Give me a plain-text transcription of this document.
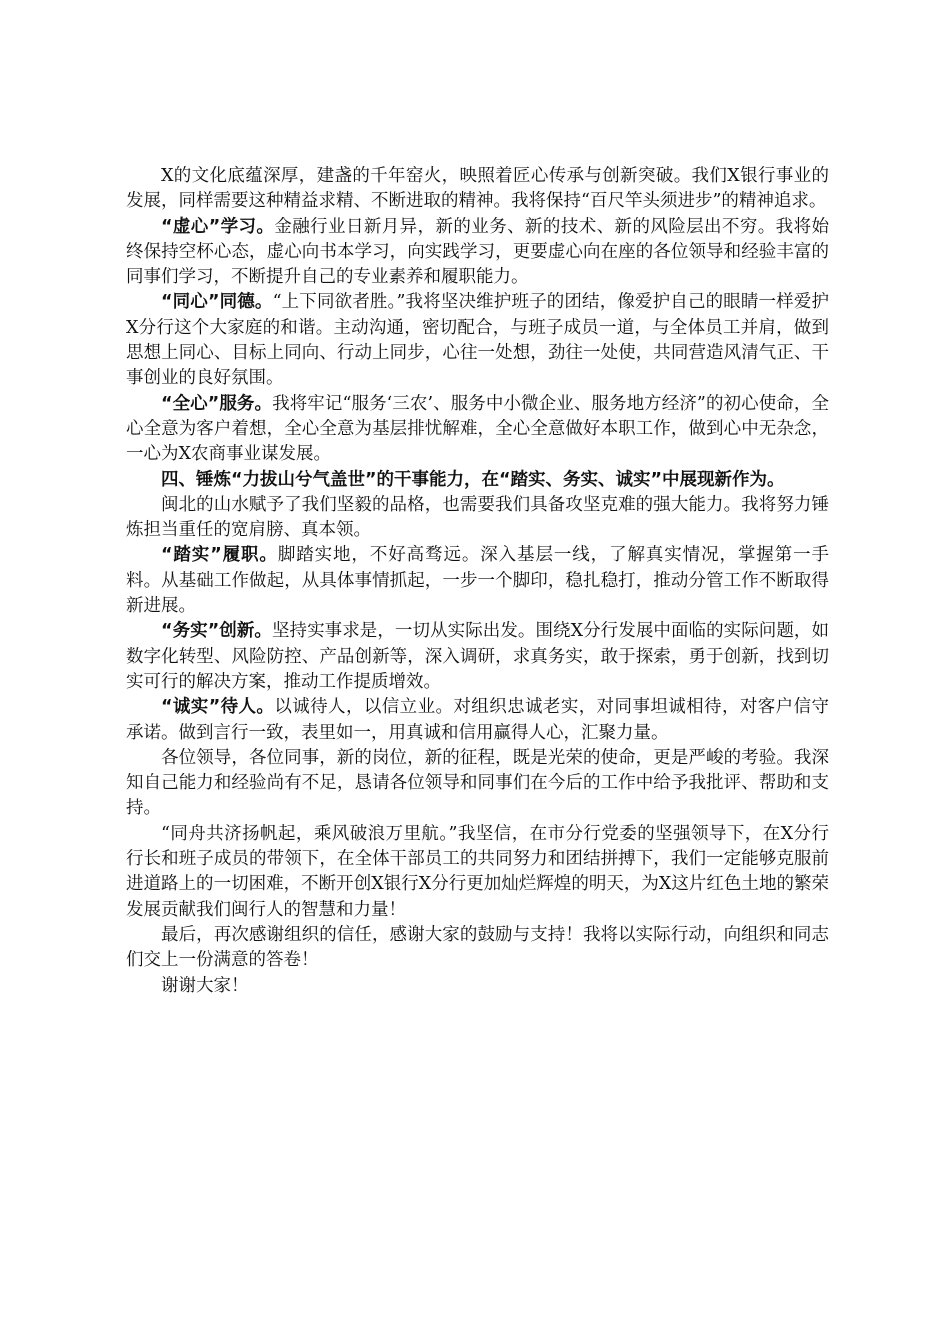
X的文化底蕴深厚，建盏的千年窑火，映照着匠心传承与创新突破。我们X银行事业的发展，同样需要这种精益求精、不断进取的精神。我将保持“百尺竿头须进步”的精神追求。

“虚心”学习。金融行业日新月异，新的业务、新的技术、新的风险层出不穷。我将始终保持空杯心态，虚心向书本学习，向实践学习，更要虚心向在座的各位领导和经验丰富的同事们学习，不断提升自己的专业素养和履职能力。

“同心”同德。“上下同欲者胜。”我将坚决维护班子的团结，像爱护自己的眼睛一样爱护X分行这个大家庭的和谐。主动沟通，密切配合，与班子成员一道，与全体员工并肩，做到思想上同心、目标上同向、行动上同步，心往一处想，劲往一处使，共同营造风清气正、干事创业的良好氛围。

“全心”服务。我将牢记“服务‘三农’、服务中小微企业、服务地方经济”的初心使命，全心全意为客户着想，全心全意为基层排忧解难，全心全意做好本职工作，做到心中无杂念，一心为X农商事业谋发展。

四、锤炼“力拔山兮气盖世”的干事能力，在“踏实、务实、诚实”中展现新作为。

闽北的山水赋予了我们坚毅的品格，也需要我们具备攻坚克难的强大能力。我将努力锤炼担当重任的宽肩膀、真本领。

“踏实”履职。脚踏实地，不好高骛远。深入基层一线，了解真实情况，掌握第一手料。从基础工作做起，从具体事情抓起，一步一个脚印，稳扎稳打，推动分管工作不断取得新进展。

“务实”创新。坚持实事求是，一切从实际出发。围绕X分行发展中面临的实际问题，如数字化转型、风险防控、产品创新等，深入调研，求真务实，敢于探索，勇于创新，找到切实可行的解决方案，推动工作提质增效。

“诚实”待人。以诚待人，以信立业。对组织忠诚老实，对同事坦诚相待，对客户信守承诺。做到言行一致，表里如一，用真诚和信用赢得人心，汇聚力量。

各位领导，各位同事，新的岗位，新的征程，既是光荣的使命，更是严峻的考验。我深知自己能力和经验尚有不足，恳请各位领导和同事们在今后的工作中给予我批评、帮助和支持。

“同舟共济扬帆起，乘风破浪万里航。”我坚信，在市分行党委的坚强领导下，在X分行行长和班子成员的带领下，在全体干部员工的共同努力和团结拼搏下，我们一定能够克服前进道路上的一切困难，不断开创X银行X分行更加灿烂辉煌的明天，为X这片红色土地的繁荣发展贡献我们闽行人的智慧和力量！

最后，再次感谢组织的信任，感谢大家的鼓励与支持！我将以实际行动，向组织和同志们交上一份满意的答卷！

谢谢大家！
